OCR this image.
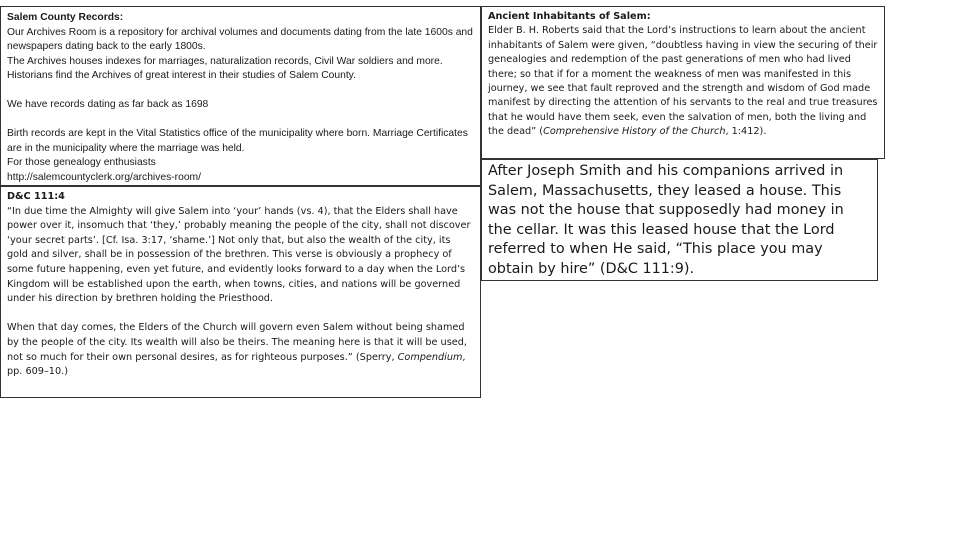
Salem County Records:

Our Archives Room is a repository for archival volumes and documents dating from the late 1600s and newspapers dating back to the early 1800s.

The Archives houses indexes for marriages, naturalization records, Civil War soldiers and more. Historians find the Archives of great interest in their studies of Salem County.

We have records dating as far back as 1698

Birth records are kept in the Vital Statistics office of the municipality where born. Marriage Certificates are in the municipality where the marriage was held.

For those genealogy enthusiasts

http://salemcountyclerk.org/archives-room/

D&C 111:4

“In due time the Almighty will give Salem into ‘your’ hands (vs. 4), that the Elders shall have power over it, insomuch that ‘they,’ probably meaning the people of the city, shall not discover ‘your secret parts’. [Cf. Isa. 3:17, ‘shame.’] Not only that, but also the wealth of the city, its gold and silver, shall be in possession of the brethren. This verse is obviously a prophecy of some future happening, even yet future, and evidently looks forward to a day when the Lord’s Kingdom will be established upon the earth, when towns, cities, and nations will be governed under his direction by brethren holding the Priesthood.

When that day comes, the Elders of the Church will govern even Salem without being shamed by the people of the city. Its wealth will also be theirs. The meaning here is that it will be used, not so much for their own personal desires, as for righteous purposes.” (Sperry, Compendium, pp. 609–10.)

Ancient Inhabitants of Salem:

Elder B. H. Roberts said that the Lord’s instructions to learn about the ancient inhabitants of Salem were given, “doubtless having in view the securing of their genealogies and redemption of the past generations of men who had lived there; so that if for a moment the weakness of men was manifested in this journey, we see that fault reproved and the strength and wisdom of God made manifest by directing the attention of his servants to the real and true treasures that he would have them seek, even the salvation of men, both the living and the dead” (Comprehensive History of the Church, 1:412).

After Joseph Smith and his companions arrived in Salem, Massachusetts, they leased a house. This was not the house that supposedly had money in the cellar. It was this leased house that the Lord referred to when He said, “This place you may obtain by hire” (D&C 111:9).
